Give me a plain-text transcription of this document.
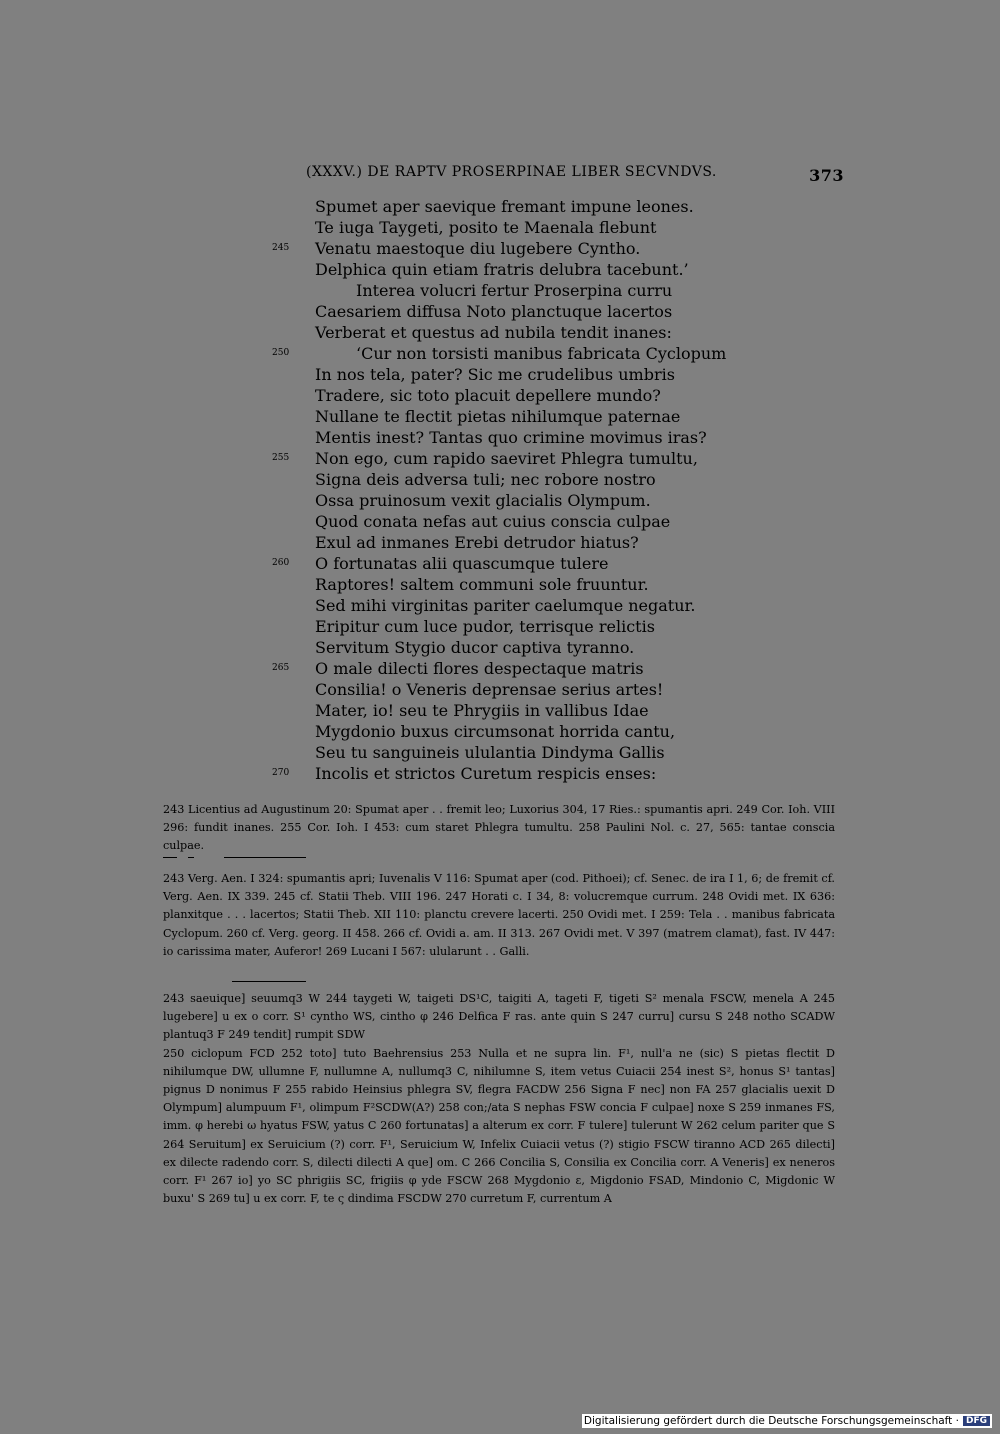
(XXXV.) DE RAPTV PROSERPINAE LIBER SECVNDVS.	373
Spumet aper saevique fremant impune leones.
Te iuga Taygeti, posito te Maenala flebunt
245	Venatu maestoque diu lugebere Cyntho.
Delphica quin etiam fratris delubra tacebunt.’
Interea volucri fertur Proserpina curru
Caesariem diffusa Noto planctuque lacertos
Verberat et questus ad nubila tendit inanes:
250	‘Cur non torsisti manibus fabricata Cyclopum
In nos tela, pater? Sic me crudelibus umbris
Tradere, sic toto placuit depellere mundo?
Nullane te flectit pietas nihilumque paternae
Mentis inest? Tantas quo crimine movimus iras?
255	Non ego, cum rapido saeviret Phlegra tumultu,
Signa deis adversa tuli; nec robore nostro
Ossa pruinosum vexit glacialis Olympum.
Quod conata nefas aut cuius conscia culpae
Exul ad inmanes Erebi detrudor hiatus?
260	O fortunatas alii quascumque tulere
Raptores! saltem communi sole fruuntur.
Sed mihi virginitas pariter caelumque negatur.
Eripitur cum luce pudor, terrisque relictis
Servitum Stygio ducor captiva tyranno.
265	O male dilecti flores despectaque matris
Consilia! o Veneris deprensae serius artes!
Mater, io! seu te Phrygiis in vallibus Idae
Mygdonio buxus circumsonat horrida cantu,
Seu tu sanguineis ululantia Dindyma Gallis
270	Incolis et strictos Curetum respicis enses:

243 Licentius ad Augustinum 20: Spumat aper . . fremit leo; Luxorius 304, 17 Ries.: spumantis apri. 249 Cor. Ioh. VIII 296: fundit inanes. 255 Cor. Ioh. I 453: cum staret Phlegra tumultu. 258 Paulini Nol. c. 27, 565: tantae conscia culpae.

243 Verg. Aen. I 324: spumantis apri; Iuvenalis V 116: Spumat aper (cod. Pithoei); cf. Senec. de ira I 1, 6; de fremit cf. Verg. Aen. IX 339. 245 cf. Statii Theb. VIII 196. 247 Horati c. I 34, 8: volucremque currum. 248 Ovidi met. IX 636: planxitque . . . lacertos; Statii Theb. XII 110: planctu crevere lacerti. 250 Ovidi met. I 259: Tela . . manibus fabricata Cyclopum. 260 cf. Verg. georg. II 458. 266 cf. Ovidi a. am. II 313. 267 Ovidi met. V 397 (matrem clamat), fast. IV 447: io carissima mater, Auferor! 269 Lucani I 567: ulularunt . . Galli.

243 saeuique] seuumq3 W 244 taygeti W, taigeti DS¹C, taigiti A, tageti F, tigeti S² menala FSCW, menela A 245 lugebere] u ex o corr. S¹ cyntho WS, cintho φ 246 Delfica F ras. ante quin S 247 curru] cursu S 248 notho SCADW plantuq3 F 249 tendit] rumpit SDW

250 ciclopum FCD 252 toto] tuto Baehrensius 253 Nulla et ne supra lin. F¹, null'a ne (sic) S pietas flectit D nihilumque DW, ullumne F, nullumne A, nullumq3 C, nihilumne S, item vetus Cuiacii 254 inest S², honus S¹ tantas] pignus D nonimus F 255 rabido Heinsius phlegra SV, flegra FACDW 256 Signa F nec] non FA 257 glacialis uexit D Olympum] alumpuum F¹, olimpum F²SCDW(A?) 258 con;/ata S nephas FSW concia F culpae] noxe S 259 inmanes FS, imm. φ herebi ω hyatus FSW, yatus C 260 fortunatas] a alterum ex corr. F tulere] tulerunt W 262 celum pariter que S 264 Seruitum] ex Seruicium (?) corr. F¹, Seruicium W, Infelix Cuiacii vetus (?) stigio FSCW tiranno ACD 265 dilecti] ex dilecte radendo corr. S, dilecti dilecti A que] om. C 266 Concilia S, Consilia ex Concilia corr. A Veneris] ex neneros corr. F¹ 267 io] yo SC phrigiis SC, frigiis φ yde FSCW 268 Mygdonio ε, Migdonio FSAD, Mindonio C, Migdonic W buxu' S 269 tu] u ex corr. F, te ς dindima FSCDW 270 curretum F, currentum A

Digitalisierung gefördert durch die Deutsche Forschungsgemeinschaft · DFG
